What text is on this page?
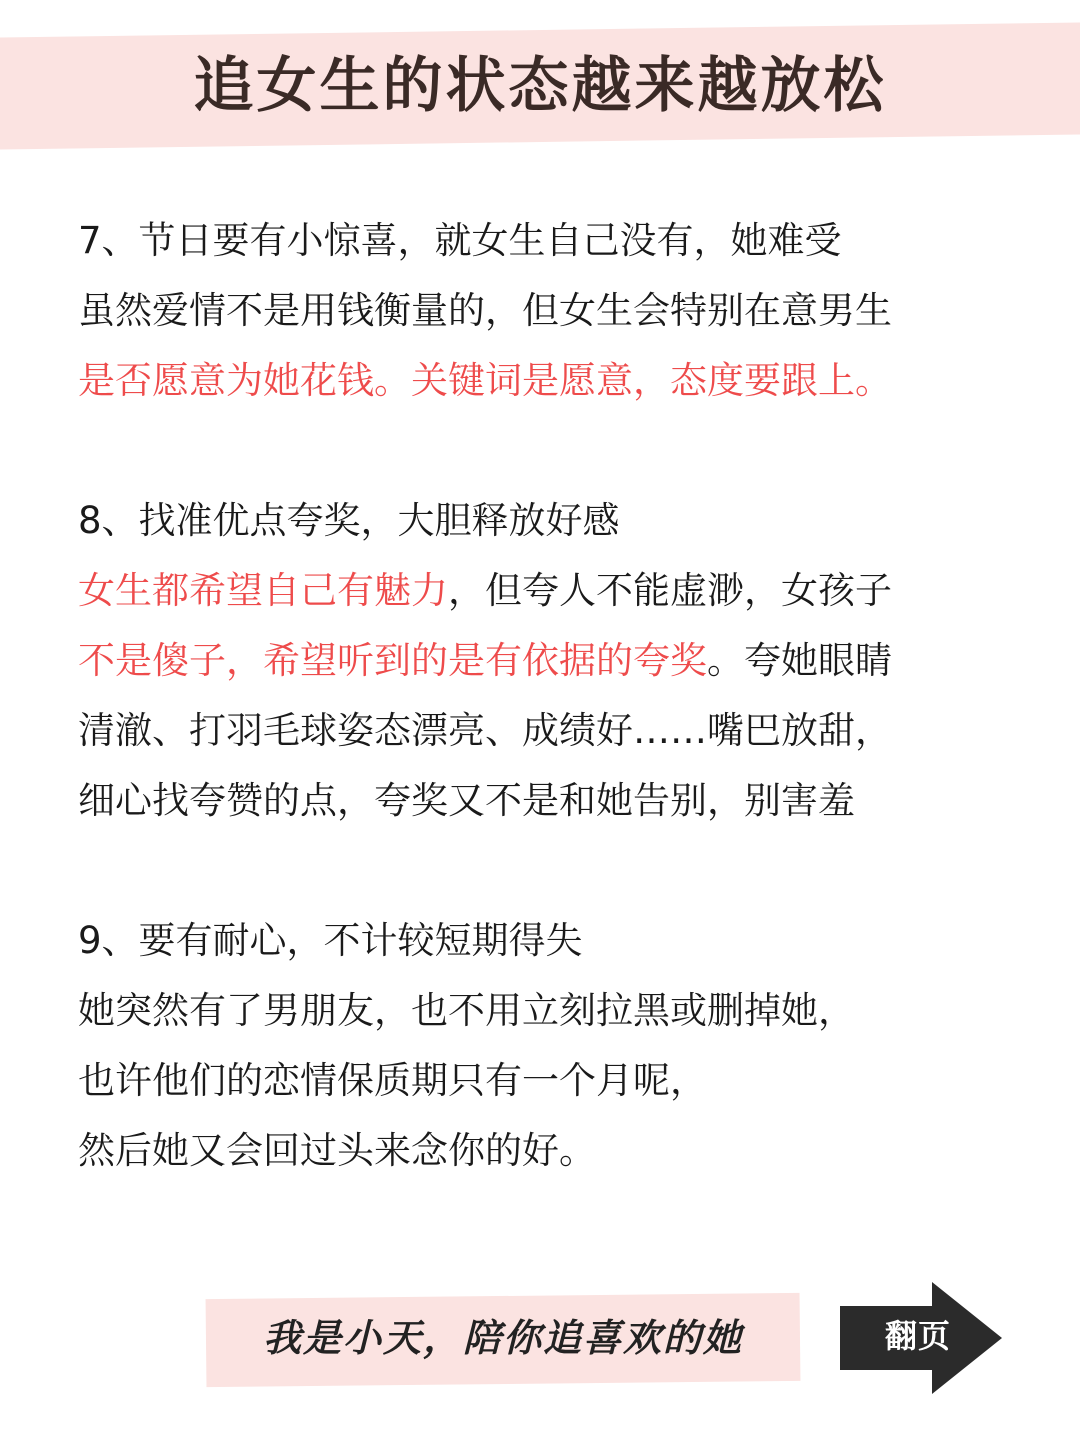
追女生的状态越来越放松
7、节日要有小惊喜，就女生自己没有，她难受
虽然爱情不是用钱衡量的，但女生会特别在意男生
是否愿意为她花钱。关键词是愿意，态度要跟上。
8、找准优点夸奖，大胆释放好感
女生都希望自己有魅力，但夸人不能虚渺，女孩子
不是傻子，希望听到的是有依据的夸奖。夸她眼睛
清澈、打羽毛球姿态漂亮、成绩好……嘴巴放甜，
细心找夸赞的点，夸奖又不是和她告别，别害羞
9、要有耐心，不计较短期得失
她突然有了男朋友，也不用立刻拉黑或删掉她，
也许他们的恋情保质期只有一个月呢，
然后她又会回过头来念你的好。
我是小天，陪你追喜欢的她	翻页
